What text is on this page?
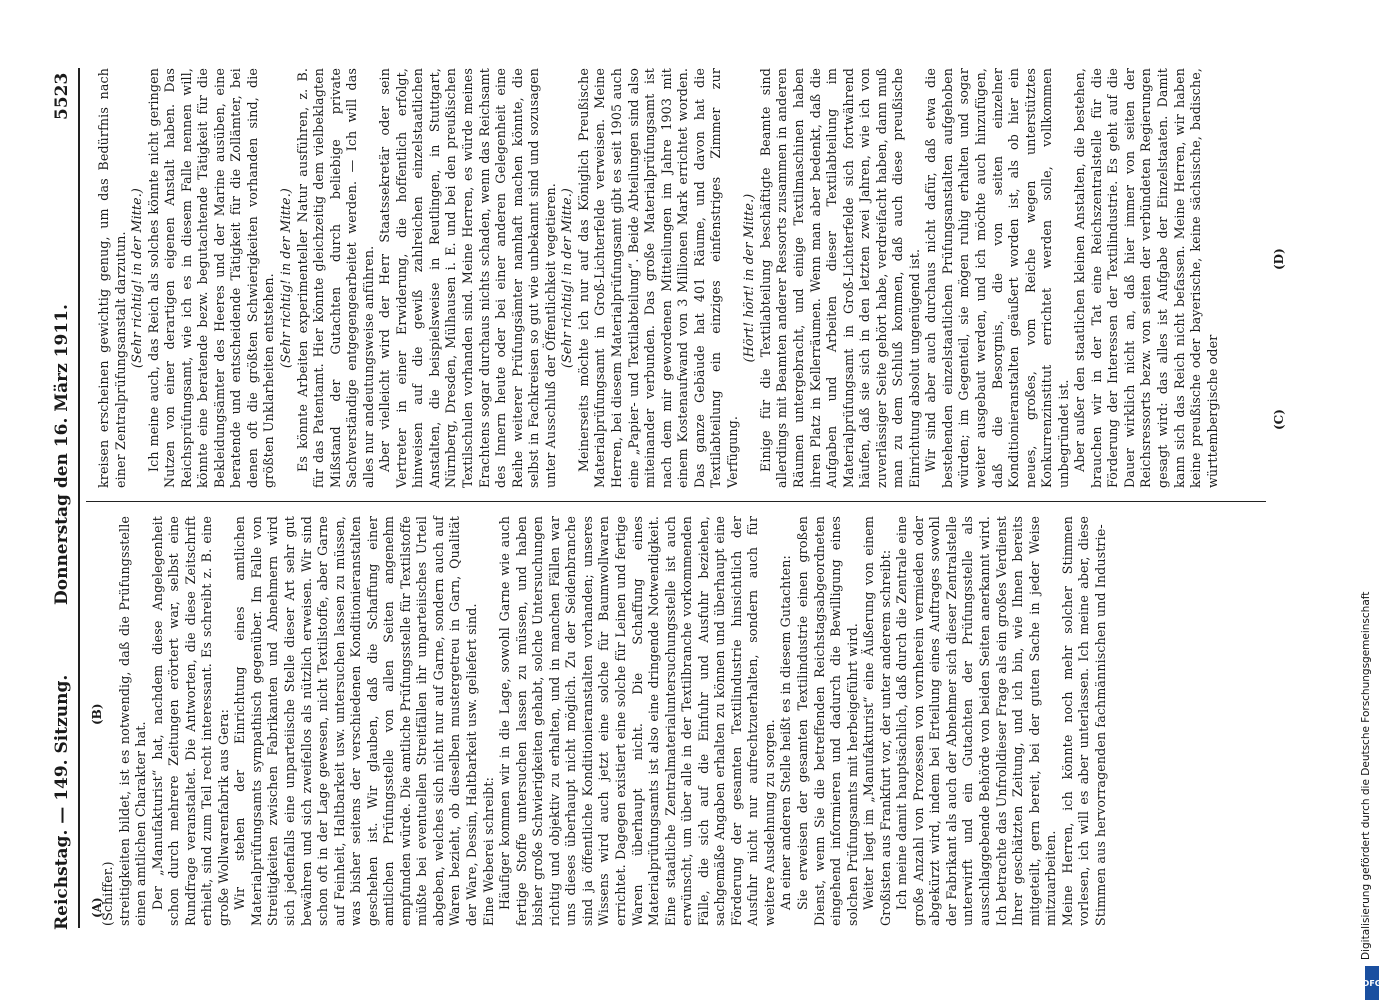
Reichstag. — 149. Sitzung.
Donnerstag den 16. März 1911.
5523
(A)
(B)
(C)
(D)

(Schiffer.) streitigkeiten bildet, ist es notwendig, daß die Prüfungsstelle einen amtlichen Charakter hat. Der „Manufakturist“ hat, nachdem diese Angelegenheit schon durch mehrere Zeitungen erörtert war, selbst eine Rundfrage veranstaltet. Die Antworten, die diese Zeitschrift erhielt, sind zum Teil recht interessant. Es schreibt z. B. eine große Wollwarenfabrik aus Gera: Wir stehen der Einrichtung eines amtlichen Materialprüfungsamts sympathisch gegenüber. Im Falle von Streitigkeiten zwischen Fabrikanten und Abnehmern wird sich jedenfalls eine unparteiische Stelle dieser Art sehr gut bewähren und sich zweifellos als nützlich erweisen. Wir sind schon oft in der Lage gewesen, nicht Textilstoffe, aber Garne auf Feinheit, Haltbarkeit usw. untersuchen lassen zu müssen, was bisher seitens der verschiedenen Konditionieranstalten geschehen ist. Wir glauben, daß die Schaffung einer amtlichen Prüfungsstelle von allen Seiten angenehm empfunden würde. Die amtliche Prüfungsstelle für Textilstoffe müßte bei eventuellen Streitfällen ihr unparteiisches Urteil abgeben, welches sich nicht nur auf Garne, sondern auch auf Waren bezieht, ob dieselben mustergetreu in Garn, Qualität der Ware, Dessin, Haltbarkeit usw. geliefert sind. Eine Weberei schreibt: Häufiger kommen wir in die Lage, sowohl Garne wie auch fertige Stoffe untersuchen lassen zu müssen, und haben bisher große Schwierigkeiten gehabt, solche Untersuchungen richtig und objektiv zu erhalten, und in manchen Fällen war uns dieses überhaupt nicht möglich. Zu der Seidenbranche sind ja öffentliche Konditionieranstalten vorhanden; unseres Wissens wird auch jetzt eine solche für Baumwollwaren errichtet. Dagegen existiert eine solche für Leinen und fertige Waren überhaupt nicht. Die Schaffung eines Materialprüfungsamts ist also eine dringende Notwendigkeit. Eine staatliche Zentralmaterialuntersuchungsstelle ist auch erwünscht, um über alle in der Textilbranche vorkommenden Fälle, die sich auf die Einfuhr und Ausfuhr beziehen, sachgemäße Angaben erhalten zu können und überhaupt eine Förderung der gesamten Textilindustrie hinsichtlich der Ausfuhr nicht nur aufrechtzuerhalten, sondern auch für weitere Ausdehnung zu sorgen. An einer anderen Stelle heißt es in diesem Gutachten: Sie erweisen der gesamten Textilindustrie einen großen Dienst, wenn Sie die betreffenden Reichstagsabgeordneten eingehend informieren und dadurch die Bewilligung eines solchen Prüfungsamts mit herbeigeführt wird. Weiter liegt im „Manufakturist“ eine Äußerung von einem Großisten aus Frankfurt vor, der unter anderem schreibt: Ich meine damit hauptsächlich, daß durch die Zentrale eine große Anzahl von Prozessen von vornherein vermieden oder abgekürzt wird, indem bei Erteilung eines Auftrages sowohl der Fabrikant als auch der Abnehmer sich dieser Zentralstelle unterwirft und ein Gutachten der Prüfungsstelle als ausschlaggebende Behörde von beiden Seiten anerkannt wird. Ich betrachte das Unfrolldieser Frage als ein großes Verdienst Ihrer geschätzten Zeitung, und ich bin, wie Ihnen bereits mitgeteilt, gern bereit, bei der guten Sache in jeder Weise mitzuarbeiten. Meine Herren, ich könnte noch mehr solcher Stimmen vorlesen, ich will es aber unterlassen. Ich meine aber, diese Stimmen aus hervorragenden fachmännischen und Industrie-

kreisen erscheinen gewichtig genug, um das Bedürfnis nach einer Zentralprüfungsanstalt darzutun. (Sehr richtig! in der Mitte.) Ich meine auch, das Reich als solches könnte nicht geringen Nutzen von einer derartigen eigenen Anstalt haben. Das Reichsprüfungsamt, wie ich es in diesem Falle nennen will, könnte eine beratende bezw. begutachtende Tätigkeit für die Bekleidungsämter des Heeres und der Marine ausüben, eine beratende und entscheidende Tätigkeit für die Zollämter, bei denen oft die größten Schwierigkeiten vorhanden sind, die größten Unklarheiten entstehen. (Sehr richtig! in der Mitte.) Es könnte Arbeiten experimenteller Natur ausführen, z. B. für das Patentamt. Hier könnte gleichzeitig dem vielbeklagten Mißstand der Gutachten durch beliebige private Sachverständige entgegengearbeitet werden. — Ich will das alles nur andeutungsweise anführen. Aber vielleicht wird der Herr Staatssekretär oder sein Vertreter in einer Erwiderung, die hoffentlich erfolgt, hinweisen auf die gewiß zahlreichen einzelstaatlichen Anstalten, die beispielsweise in Reutlingen, in Stuttgart, Nürnberg, Dresden, Mülhausen i. E. und bei den preußischen Textilschulen vorhanden sind. Meine Herren, es würde meines Erachtens sogar durchaus nichts schaden, wenn das Reichsamt des Innern heute oder bei einer anderen Gelegenheit eine Reihe weiterer Prüfungsämter namhaft machen könnte, die selbst in Fachkreisen so gut wie unbekannt sind und sozusagen unter Ausschluß der Öffentlichkeit vegetieren. (Sehr richtig! in der Mitte.) Meinerseits möchte ich nur auf das Königlich Preußische Materialprüfungsamt in Groß-Lichterfelde verweisen. Meine Herren, bei diesem Materialprüfungsamt gibt es seit 1905 auch eine „Papier- und Textilabteilung“. Beide Abteilungen sind also miteinander verbunden. Das große Materialprüfungsamt ist nach dem mir gewordenen Mitteilungen im Jahre 1903 mit einem Kostenaufwand von 3 Millionen Mark errichtet worden. Das ganze Gebäude hat 401 Räume, und davon hat die Textilabteilung ein einziges einfenstriges Zimmer zur Verfügung.

(Hört! hört! in der Mitte.) Einige für die Textilabteilung beschäftigte Beamte sind allerdings mit Beamten anderer Ressorts zusammen in anderen Räumen untergebracht, und einige Textilmaschinen haben ihren Platz in Kellerräumen. Wenn man aber bedenkt, daß die Aufgaben und Arbeiten dieser Textilabteilung im Materialprüfungsamt in Groß-Lichterfelde sich fortwährend häufen, daß sie sich in den letzten zwei Jahren, wie ich von zuverlässiger Seite gehört habe, verdreifacht haben, dann muß man zu dem Schluß kommen, daß auch diese preußische Einrichtung absolut ungenügend ist. Wir sind aber auch durchaus nicht dafür, daß etwa die bestehenden einzelstaatlichen Prüfungsanstalten aufgehoben würden; im Gegenteil, sie mögen ruhig erhalten und sogar weiter ausgebaut werden, und ich möchte auch hinzufügen, daß die Besorgnis, die von seiten einzelner Konditionieranstalten geäußert worden ist, als ob hier ein neues, großes, vom Reiche wegen unterstütztes Konkurrenzinstitut errichtet werden solle, vollkommen unbegründet ist. Aber außer den staatlichen kleinen Anstalten, die bestehen, brauchen wir in der Tat eine Reichszentralstelle für die Förderung der Interessen der Textilindustrie. Es geht auf die Dauer wirklich nicht an, daß hier immer von seiten der Reichsressorts bezw. von seiten der verbündeten Regierungen gesagt wird: das alles ist Aufgabe der Einzelstaaten. Damit kann sich das Reich nicht befassen. Meine Herren, wir haben keine preußische oder bayerische, keine sächsische, badische, württembergische oder

DFG
Digitalisierung gefördert durch die Deutsche Forschungsgemeinschaft
